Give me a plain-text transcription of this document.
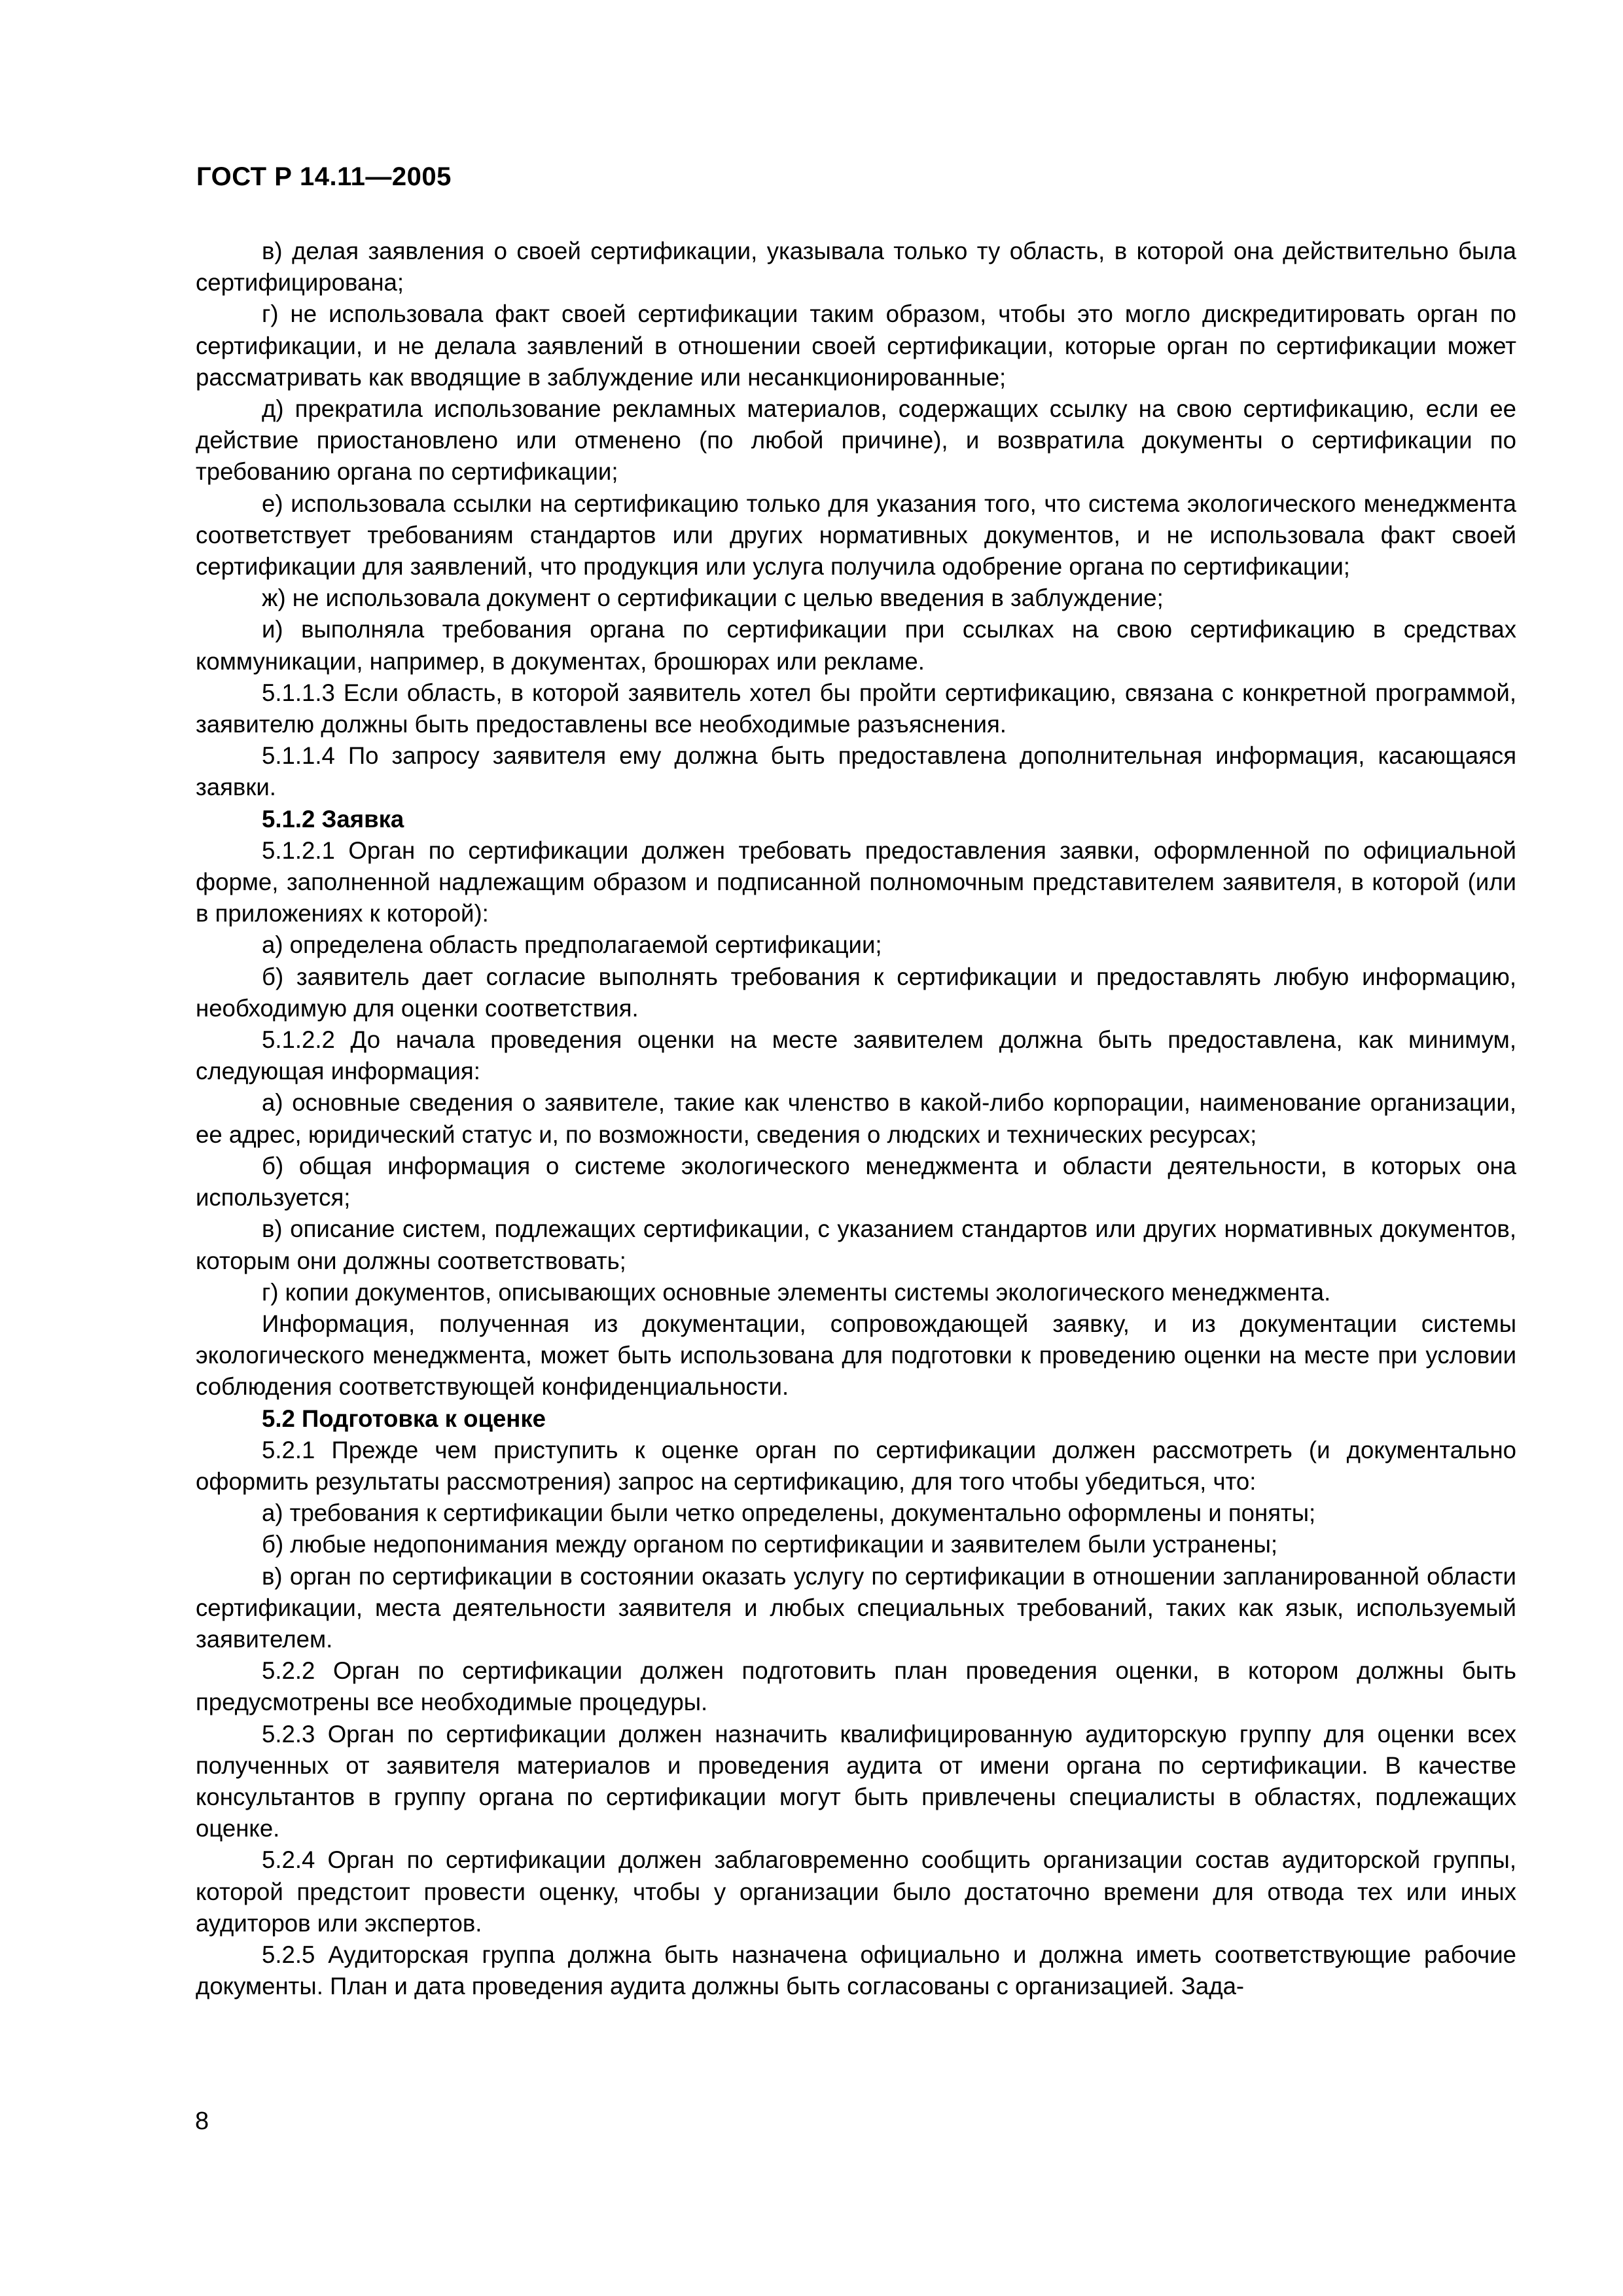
ГОСТ Р 14.11—2005

в) делая заявления о своей сертификации, указывала только ту область, в которой она действительно была сертифицирована;

г) не использовала факт своей сертификации таким образом, чтобы это могло дискредитировать орган по сертификации, и не делала заявлений в отношении своей сертификации, которые орган по сертификации может рассматривать как вводящие в заблуждение или несанкционированные;

д) прекратила использование рекламных материалов, содержащих ссылку на свою сертификацию, если ее действие приостановлено или отменено (по любой причине), и возвратила документы о сертификации по требованию органа по сертификации;

е) использовала ссылки на сертификацию только для указания того, что система экологического менеджмента соответствует требованиям стандартов или других нормативных документов, и не использовала факт своей сертификации для заявлений, что продукция или услуга получила одобрение органа по сертификации;

ж) не использовала документ о сертификации с целью введения в заблуждение;

и) выполняла требования органа по сертификации при ссылках на свою сертификацию в средствах коммуникации, например, в документах, брошюрах или рекламе.

5.1.1.3 Если область, в которой заявитель хотел бы пройти сертификацию, связана с конкретной программой, заявителю должны быть предоставлены все необходимые разъяснения.

5.1.1.4 По запросу заявителя ему должна быть предоставлена дополнительная информация, касающаяся заявки.

5.1.2 Заявка

5.1.2.1 Орган по сертификации должен требовать предоставления заявки, оформленной по официальной форме, заполненной надлежащим образом и подписанной полномочным представителем заявителя, в которой (или в приложениях к которой):

а) определена область предполагаемой сертификации;

б) заявитель дает согласие выполнять требования к сертификации и предоставлять любую информацию, необходимую для оценки соответствия.

5.1.2.2 До начала проведения оценки на месте заявителем должна быть предоставлена, как минимум, следующая информация:

а) основные сведения о заявителе, такие как членство в какой-либо корпорации, наименование организации, ее адрес, юридический статус и, по возможности, сведения о людских и технических ресурсах;

б) общая информация о системе экологического менеджмента и области деятельности, в которых она используется;

в) описание систем, подлежащих сертификации, с указанием стандартов или других нормативных документов, которым они должны соответствовать;

г) копии документов, описывающих основные элементы системы экологического менеджмента.

Информация, полученная из документации, сопровождающей заявку, и из документации системы экологического менеджмента, может быть использована для подготовки к проведению оценки на месте при условии соблюдения соответствующей конфиденциальности.

5.2 Подготовка к оценке

5.2.1 Прежде чем приступить к оценке орган по сертификации должен рассмотреть (и документально оформить результаты рассмотрения) запрос на сертификацию, для того чтобы убедиться, что:

а) требования к сертификации были четко определены, документально оформлены и поняты;

б) любые недопонимания между органом по сертификации и заявителем были устранены;

в) орган по сертификации в состоянии оказать услугу по сертификации в отношении запланированной области сертификации, места деятельности заявителя и любых специальных требований, таких как язык, используемый заявителем.

5.2.2 Орган по сертификации должен подготовить план проведения оценки, в котором должны быть предусмотрены все необходимые процедуры.

5.2.3 Орган по сертификации должен назначить квалифицированную аудиторскую группу для оценки всех полученных от заявителя материалов и проведения аудита от имени органа по сертификации. В качестве консультантов в группу органа по сертификации могут быть привлечены специалисты в областях, подлежащих оценке.

5.2.4 Орган по сертификации должен заблаговременно сообщить организации состав аудиторской группы, которой предстоит провести оценку, чтобы у организации было достаточно времени для отвода тех или иных аудиторов или экспертов.

5.2.5 Аудиторская группа должна быть назначена официально и должна иметь соответствующие рабочие документы. План и дата проведения аудита должны быть согласованы с организацией. Зада-

8
